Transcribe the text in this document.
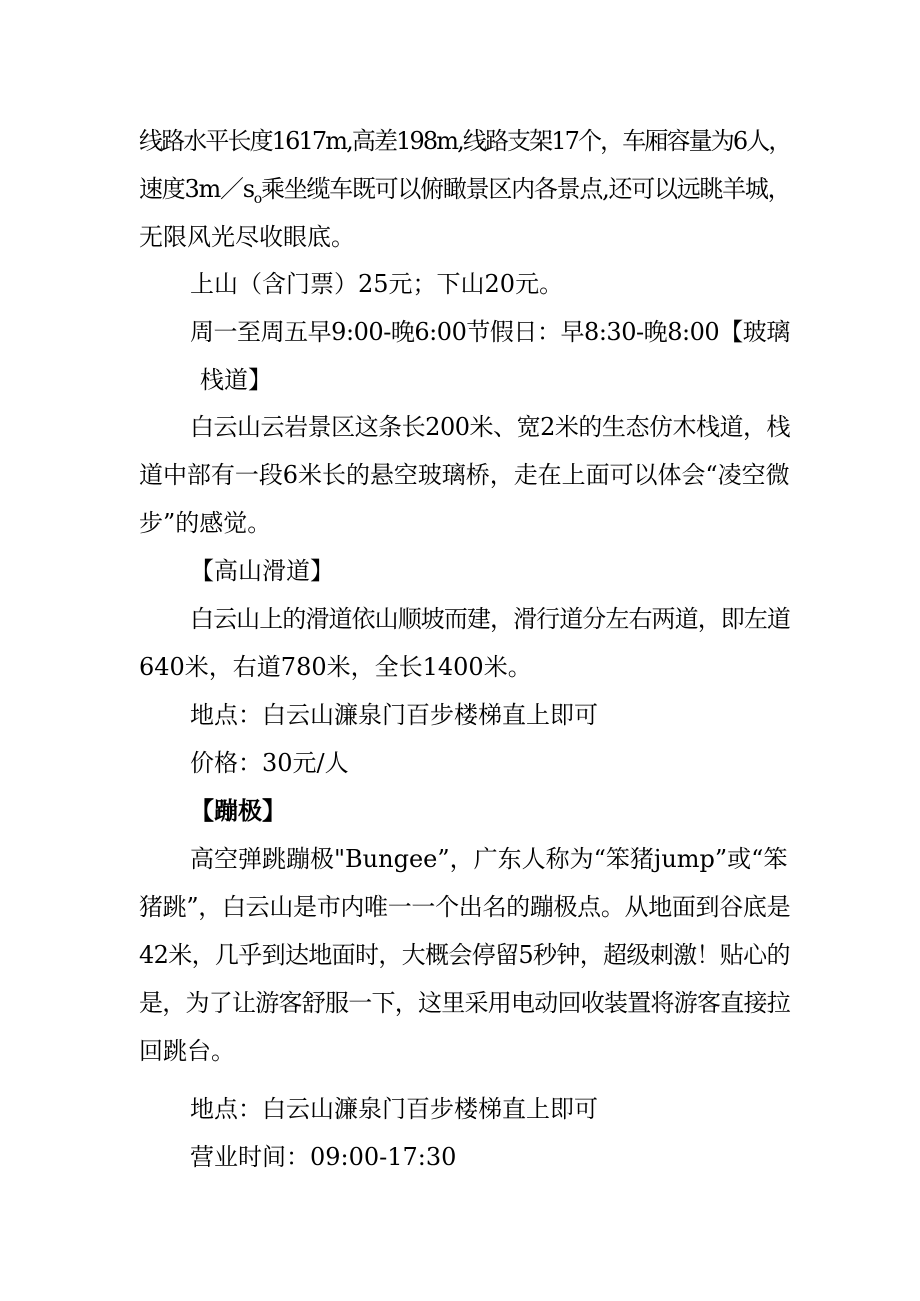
线路水平长度1617m,高差198m,线路支架17个，车厢容量为6人，
速度$3m/s_o$乘坐缆车既可以俯瞰景区内各景点,还可以远眺羊城，
无限风光尽收眼底。
上山（含门票）25元；下山20元。
周一至周五早9:00-晚6:00节假日：早8:30-晚8:00【玻璃
栈道】
白云山云岩景区这条长200米、宽2米的生态仿木栈道，栈
道中部有一段6米长的悬空玻璃桥，走在上面可以体会“凌空微
步”的感觉。
【高山滑道】
白云山上的滑道依山顺坡而建，滑行道分左右两道，即左道
640米，右道780米，全长1400米。
地点：白云山濂泉门百步楼梯直上即可
价格：30元/人
【蹦极】
高空弹跳蹦极"Bungee”，广东人称为“笨猪jump”或“笨
猪跳”，白云山是市内唯一一个出名的蹦极点。从地面到谷底是
42米，几乎到达地面时，大概会停留5秒钟，超级刺激！贴心的
是，为了让游客舒服一下，这里采用电动回收装置将游客直接拉
回跳台。
地点：白云山濂泉门百步楼梯直上即可
营业时间：09:00-17:30
